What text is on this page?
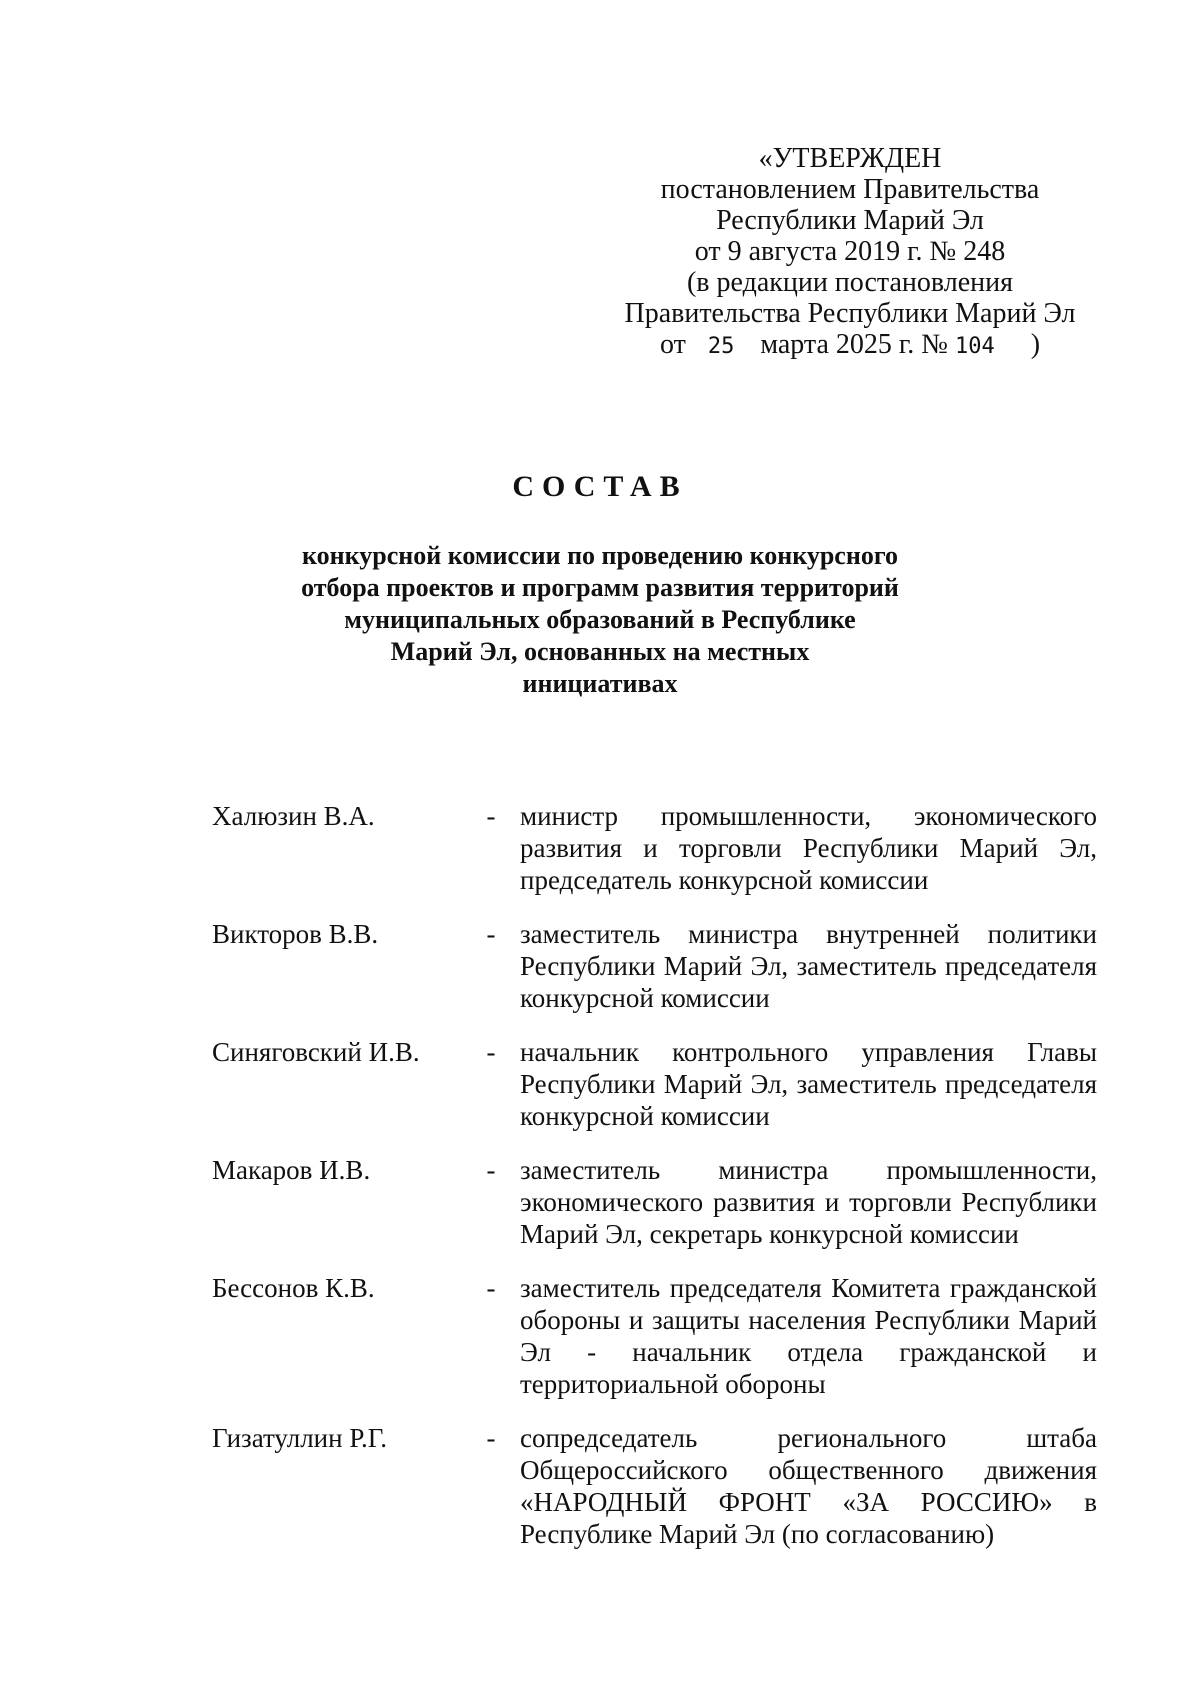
«УТВЕРЖДЕН
постановлением Правительства
Республики Марий Эл
от 9 августа 2019 г. № 248
(в редакции постановления
Правительства Республики Марий Эл
от 25 марта 2025 г. № 104 )
СОСТАВ
конкурсной комиссии по проведению конкурсного
отбора проектов и программ развития территорий
муниципальных образований в Республике
Марий Эл, основанных на местных
инициативах
Халюзин В.А.	- министр промышленности, экономического развития и торговли Республики Марий Эл, председатель конкурсной комиссии
Викторов В.В.	- заместитель министра внутренней политики Республики Марий Эл, заместитель председателя конкурсной комиссии
Синяговский И.В.	- начальник контрольного управления Главы Республики Марий Эл, заместитель председателя конкурсной комиссии
Макаров И.В.	- заместитель министра промышленности, экономического развития и торговли Республики Марий Эл, секретарь конкурсной комиссии
Бессонов К.В.	- заместитель председателя Комитета гражданской обороны и защиты населения Республики Марий Эл - начальник отдела гражданской и территориальной обороны
Гизатуллин Р.Г.	- сопредседатель регионального штаба Общероссийского общественного движения «НАРОДНЫЙ ФРОНТ «ЗА РОССИЮ» в Республике Марий Эл (по согласованию)
